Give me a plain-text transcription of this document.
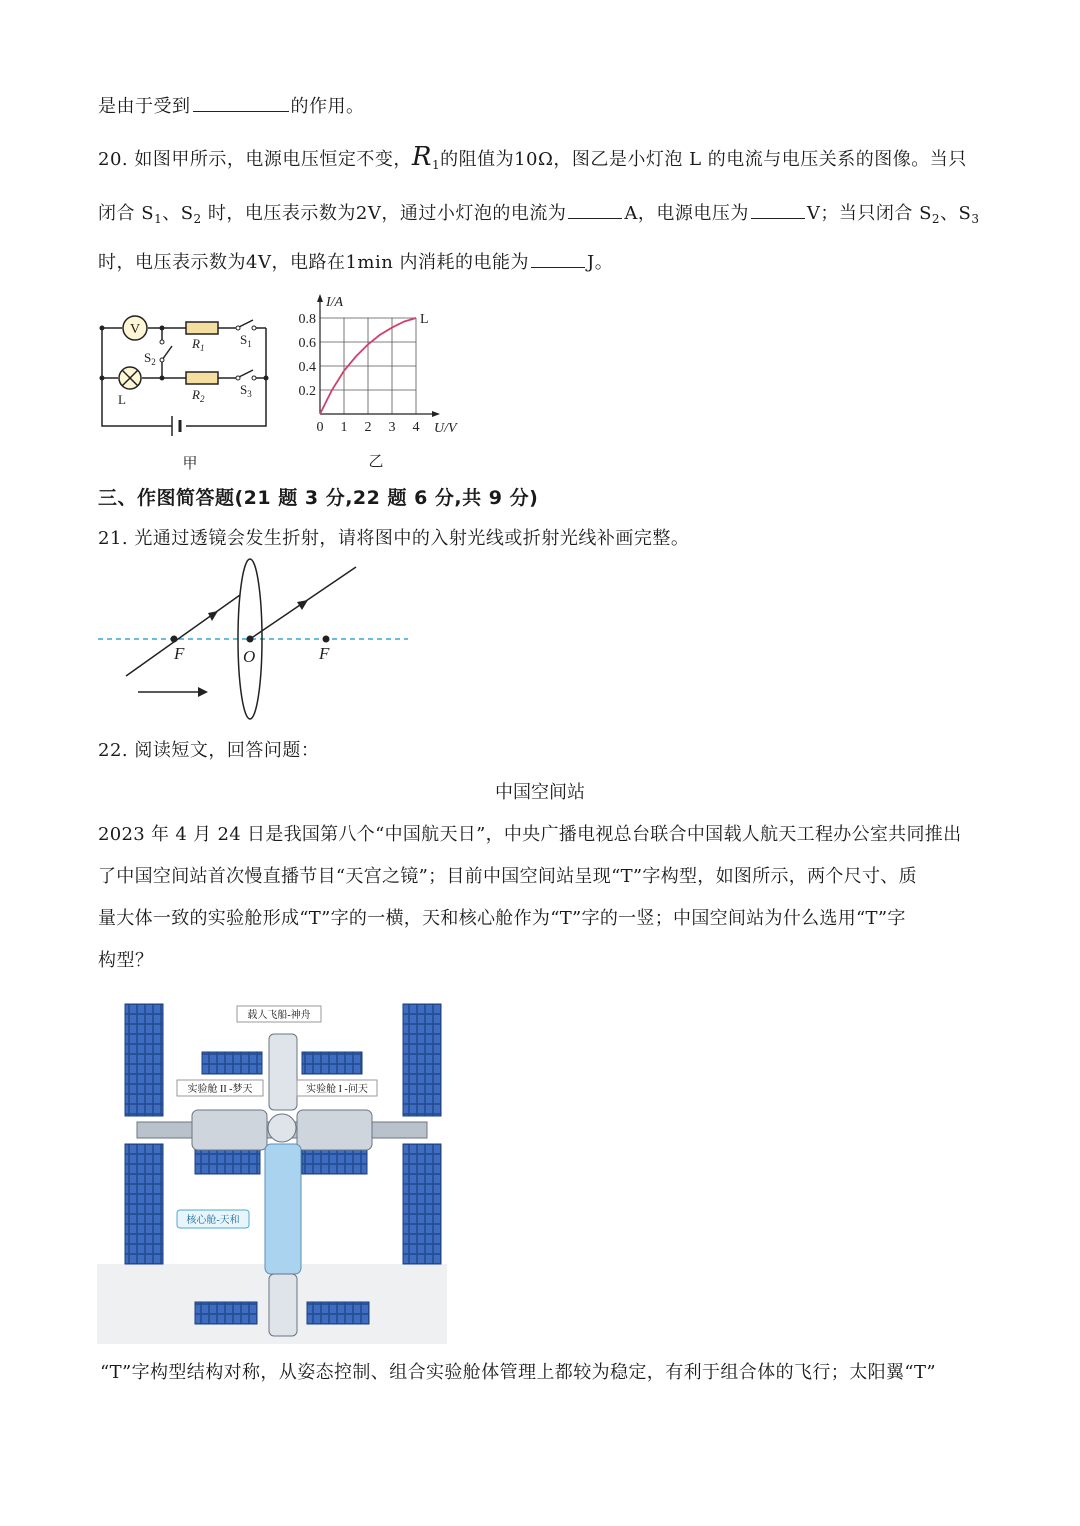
是由于受到	的作用。
20. 如图甲所示，电源电压恒定不变，$R_1$的阻值为10Ω，图乙是小灯泡 L 的电流与电压关系的图像。当只
闭合 $S_1$、$S_2$ 时，电压表示数为2V，通过小灯泡的电流为	A，电源电压为	V；当只闭合 $S_2$、$S_3$
时，电压表示数为4V，电路在1min 内消耗的电能为	J。
V
$R_1$
$R_2$
$S_1$
$S_3$
$S_2$
L
甲
0 1 2 3 4
0.2
0.4
0.6
0.8
I/A
U/V
L
乙
三、作图简答题(21 题 3 分,22 题 6 分,共 9 分)
21. 光通过透镜会发生折射，请将图中的入射光线或折射光线补画完整。
F	O	F
22. 阅读短文，回答问题：
中国空间站
2023 年 4 月 24 日是我国第八个“中国航天日”，中央广播电视总台联合中国载人航天工程办公室共同推出
了中国空间站首次慢直播节目“天宫之镜”；目前中国空间站呈现“T”字构型，如图所示，两个尺寸、质
量大体一致的实验舱形成“T”字的一横，天和核心舱作为“T”字的一竖；中国空间站为什么选用“T”字
构型？
载人飞船-神舟
实验舱 II -梦天	实验舱 I -问天
核心舱-天和
“T”字构型结构对称，从姿态控制、组合实验舱体管理上都较为稳定，有利于组合体的飞行；太阳翼“T”
